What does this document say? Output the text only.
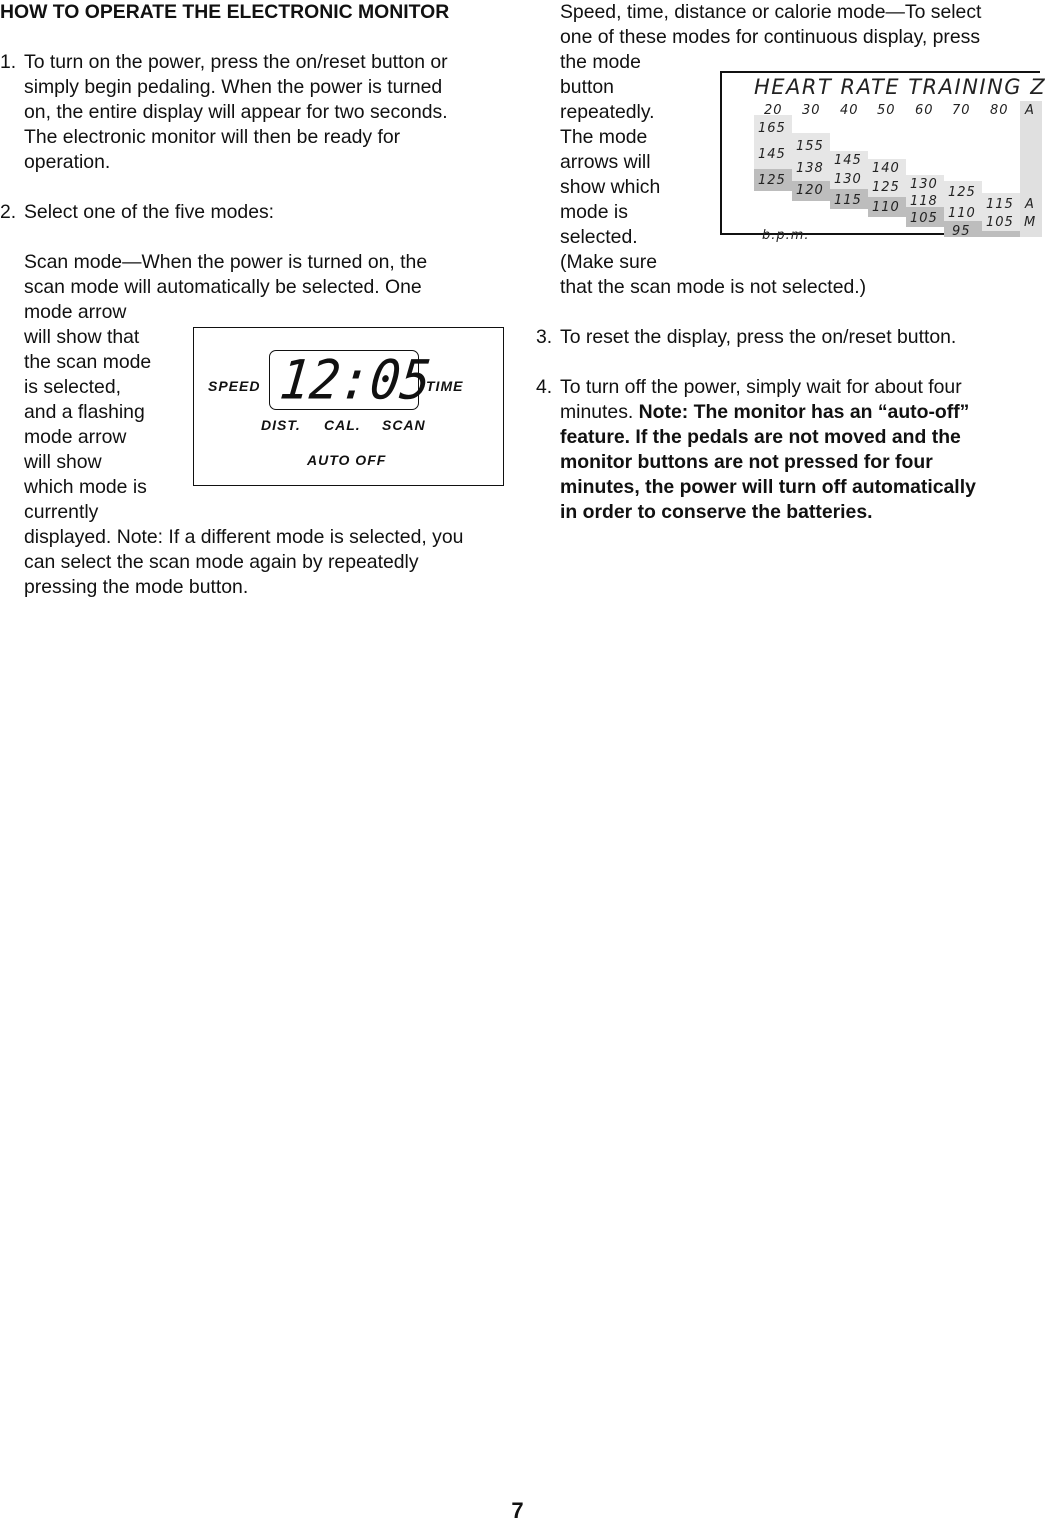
HOW TO OPERATE THE ELECTRONIC MONITOR
1. To turn on the power, press the on/reset button or
simply begin pedaling. When the power is turned
on, the entire display will appear for two seconds.
The electronic monitor will then be ready for
operation.
2. Select one of the five modes:
Scan mode—When the power is turned on, the
scan mode will automatically be selected. One
mode arrow
will show that
the scan mode
is selected,
and a flashing
mode arrow
will show
which mode is
currently
displayed. Note: If a different mode is selected, you
can select the scan mode again by repeatedly
pressing the mode button.
SPEED 12:05
TIME
DIST. CAL. SCAN
AUTO OFF
Speed, time, distance or calorie mode—To select
one of these modes for continuous display, press
the mode
button
repeatedly.
The mode
arrows will
show which
mode is
selected.
(Make sure
that the scan mode is not selected.)
3. To reset the display, press the on/reset button.
4. To turn off the power, simply wait for about four
minutes. Note: The monitor has an “auto-off”
feature. If the pedals are not moved and the
monitor buttons are not pressed for four
minutes, the power will turn off automatically
in order to conserve the batteries.
HEART RATE TRAINING Z
20 30 40 50 60 70 80 A
165
145
125
155
138
120
145
130
115
140
125
110
130
118
105
125
110
95
115
105
A
M
b.p.m.
7
